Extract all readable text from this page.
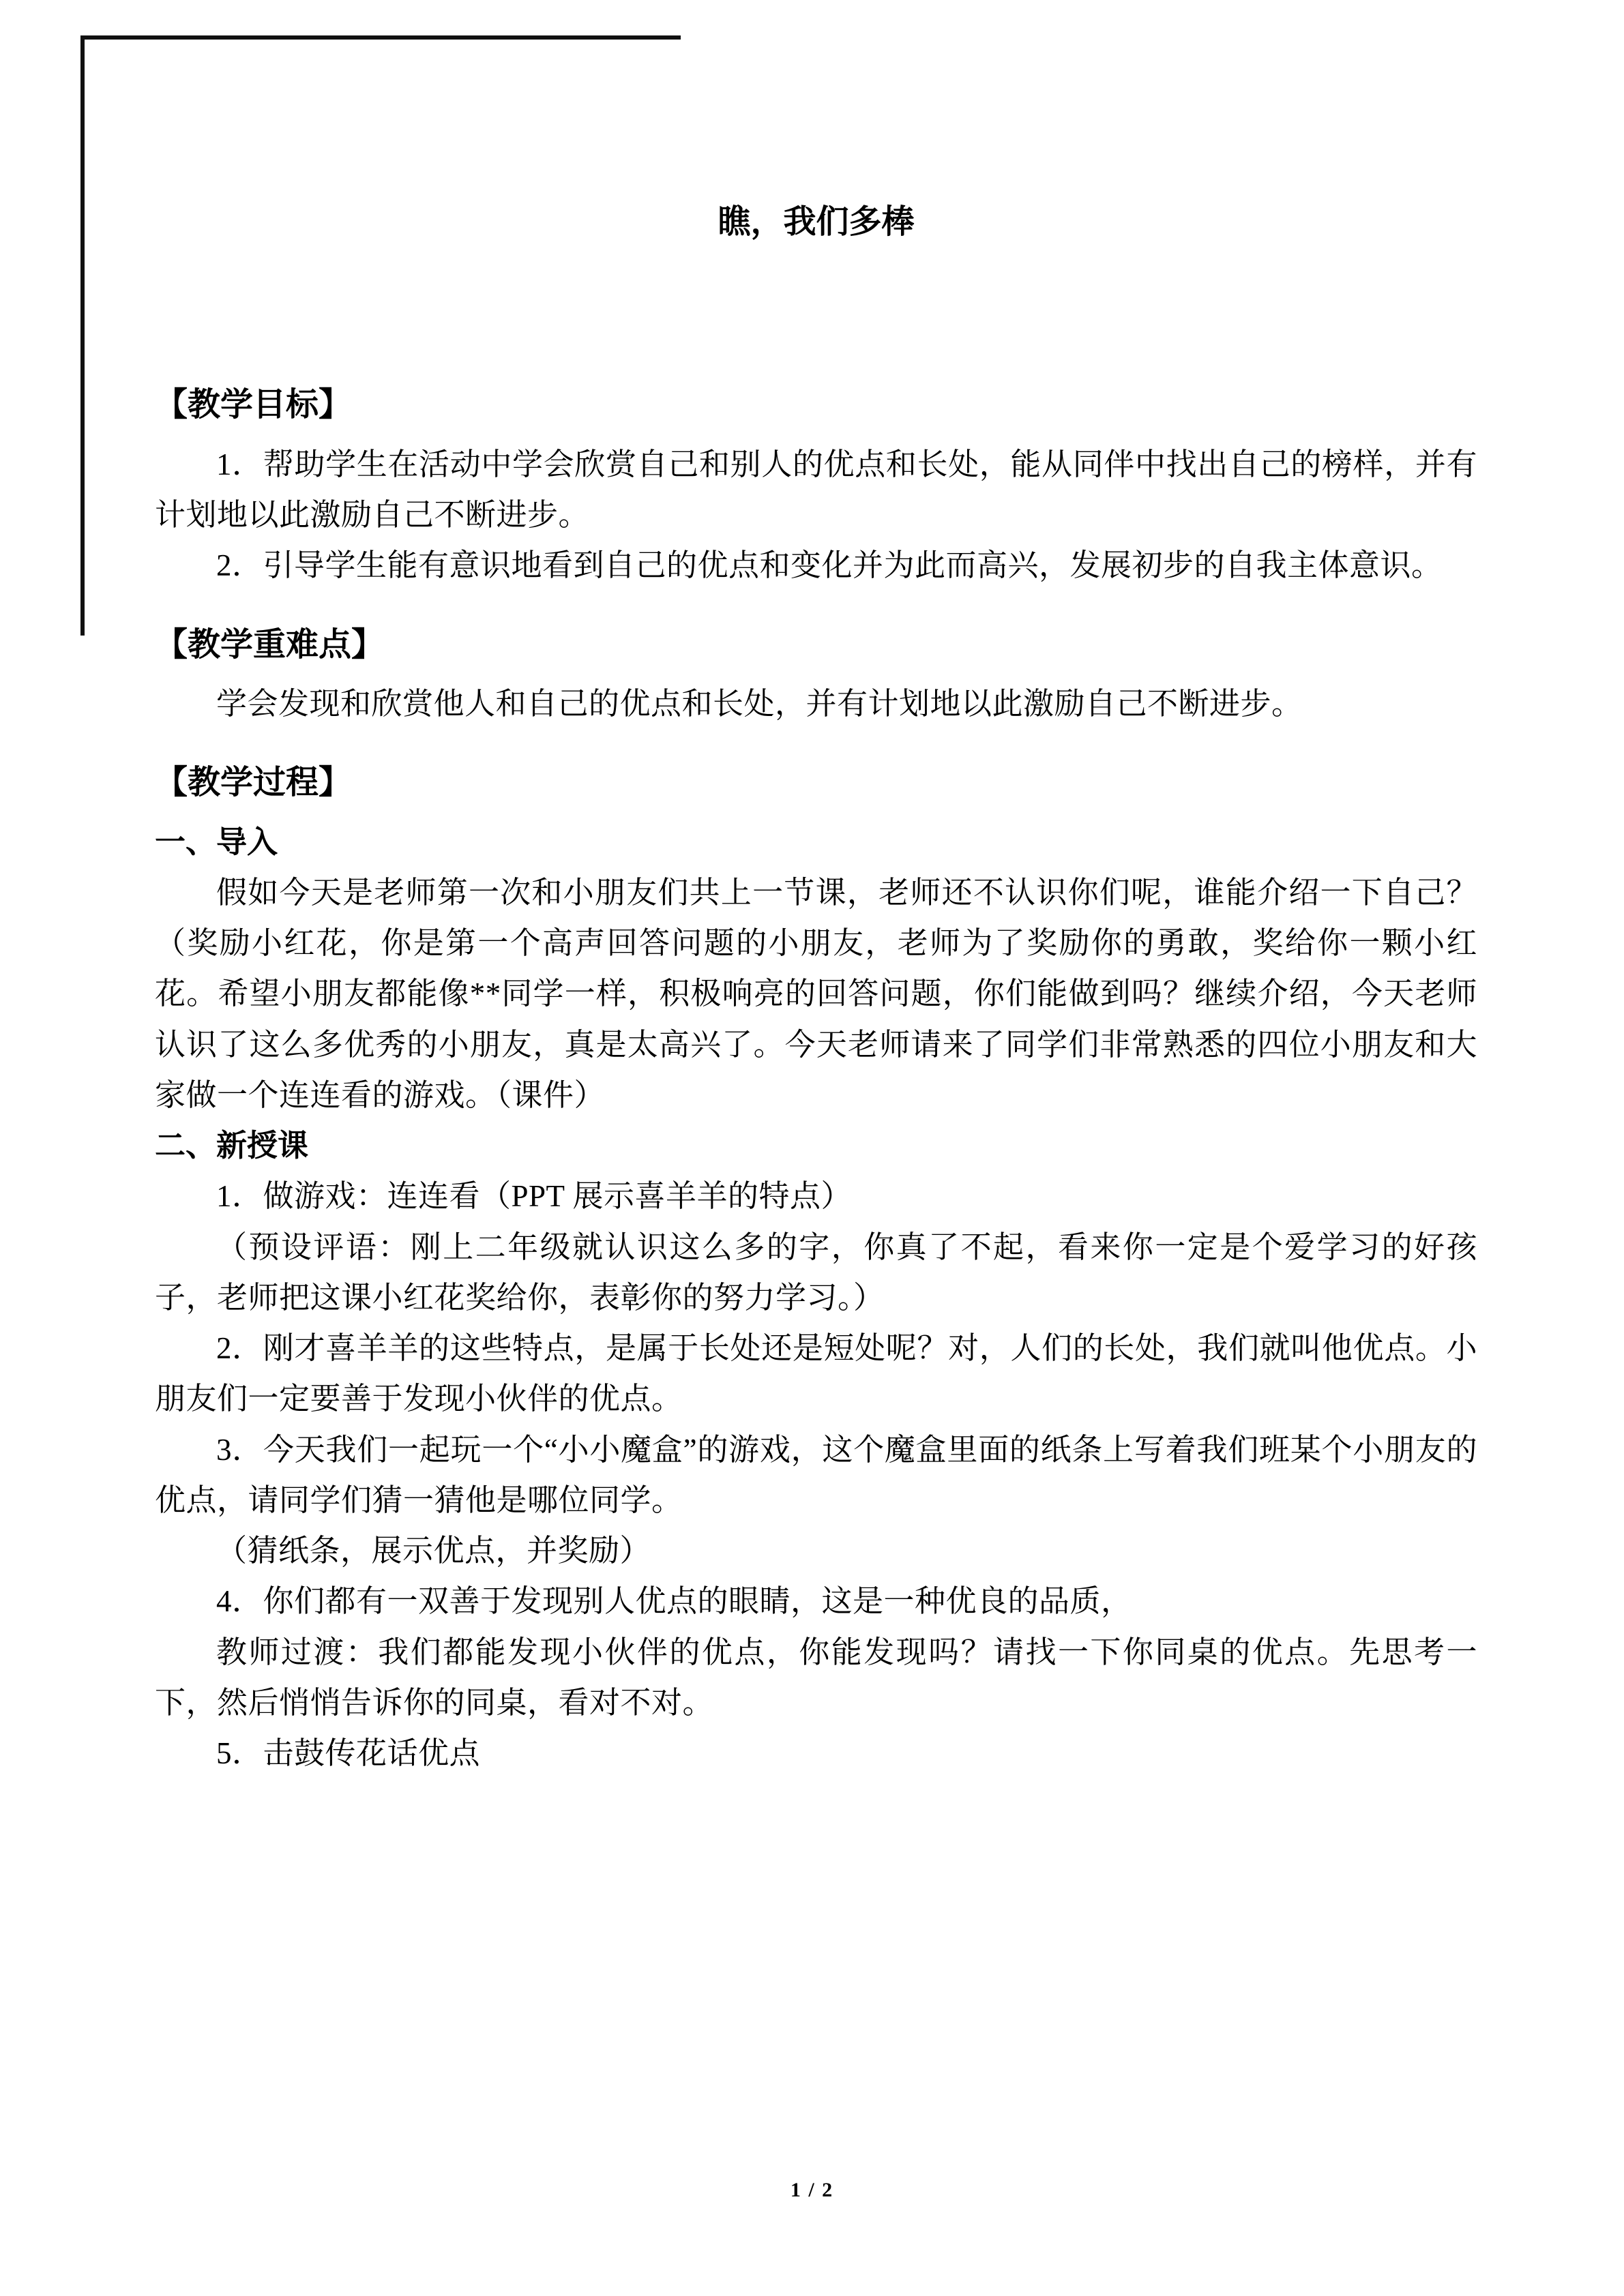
瞧，我们多棒

【教学目标】

1．帮助学生在活动中学会欣赏自己和别人的优点和长处，能从同伴中找出自己的榜样，并有计划地以此激励自己不断进步。

2．引导学生能有意识地看到自己的优点和变化并为此而高兴，发展初步的自我主体意识。

【教学重难点】

学会发现和欣赏他人和自己的优点和长处，并有计划地以此激励自己不断进步。

【教学过程】

一、导入

假如今天是老师第一次和小朋友们共上一节课，老师还不认识你们呢，谁能介绍一下自己？（奖励小红花，你是第一个高声回答问题的小朋友，老师为了奖励你的勇敢，奖给你一颗小红花。希望小朋友都能像**同学一样，积极响亮的回答问题，你们能做到吗？继续介绍，今天老师认识了这么多优秀的小朋友，真是太高兴了。今天老师请来了同学们非常熟悉的四位小朋友和大家做一个连连看的游戏。（课件）

二、新授课

1．做游戏：连连看（PPT 展示喜羊羊的特点）

（预设评语：刚上二年级就认识这么多的字，你真了不起，看来你一定是个爱学习的好孩子，老师把这课小红花奖给你，表彰你的努力学习。）

2．刚才喜羊羊的这些特点，是属于长处还是短处呢？对，人们的长处，我们就叫他优点。小朋友们一定要善于发现小伙伴的优点。

3．今天我们一起玩一个“小小魔盒”的游戏，这个魔盒里面的纸条上写着我们班某个小朋友的优点，请同学们猜一猜他是哪位同学。

（猜纸条，展示优点，并奖励）

4．你们都有一双善于发现别人优点的眼睛，这是一种优良的品质，

教师过渡：我们都能发现小伙伴的优点，你能发现吗？请找一下你同桌的优点。先思考一下，然后悄悄告诉你的同桌，看对不对。

5．击鼓传花话优点

1 / 2
